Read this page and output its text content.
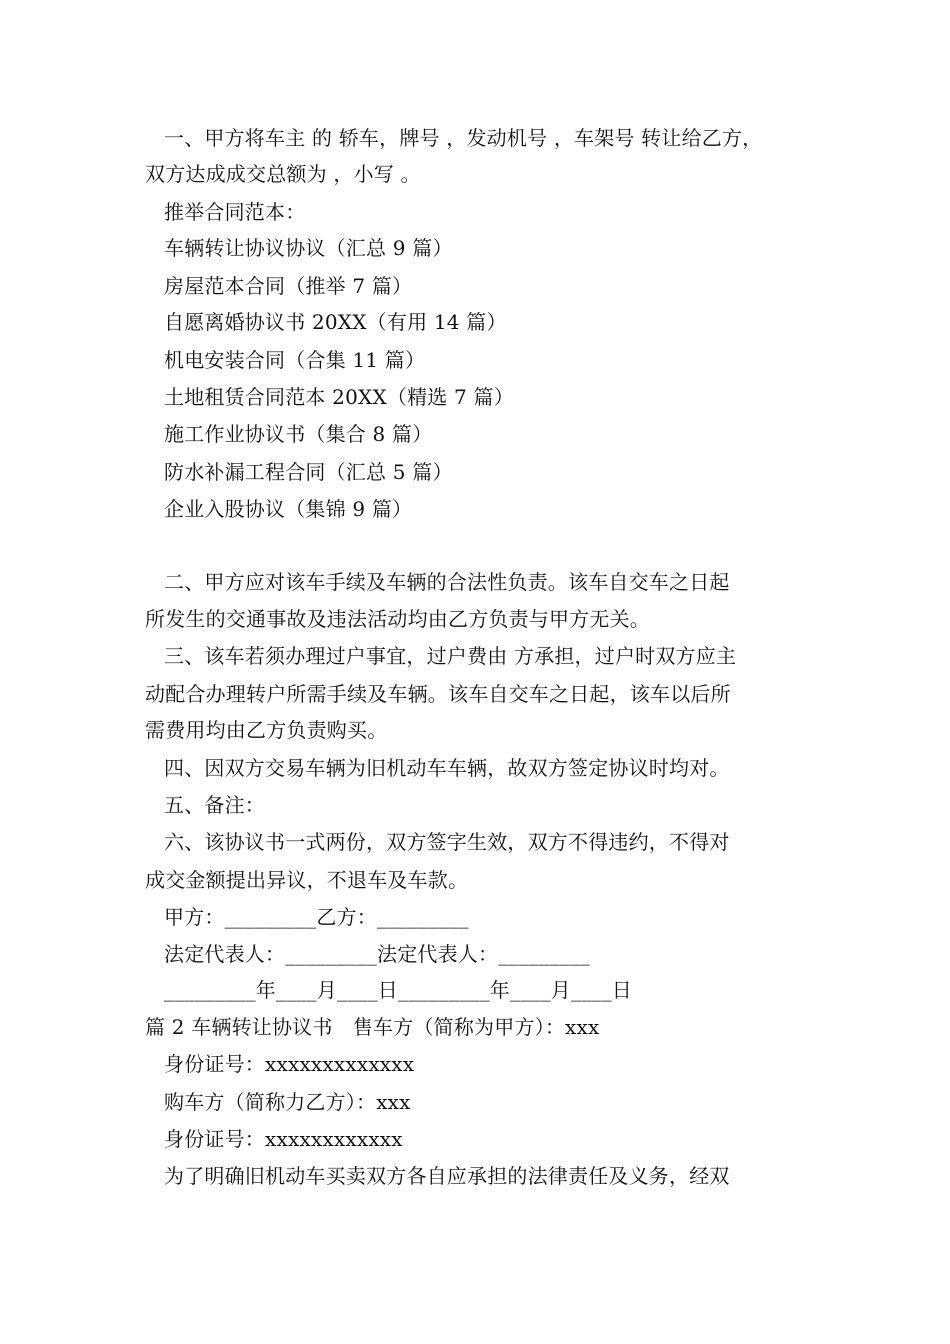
一、甲方将车主 的 轿车，牌号 ，发动机号 ，车架号 转让给乙方，
双方达成成交总额为 ，小写 。
推举合同范本：
车辆转让协议协议（汇总 9 篇）
房屋范本合同（推举 7 篇）
自愿离婚协议书 20XX（有用 14 篇）
机电安装合同（合集 11 篇）
土地租赁合同范本 20XX（精选 7 篇）
施工作业协议书（集合 8 篇）
防水补漏工程合同（汇总 5 篇）
企业入股协议（集锦 9 篇）
二、甲方应对该车手续及车辆的合法性负责。该车自交车之日起
所发生的交通事故及违法活动均由乙方负责与甲方无关。
三、该车若须办理过户事宜，过户费由 方承担，过户时双方应主
动配合办理转户所需手续及车辆。该车自交车之日起，该车以后所
需费用均由乙方负责购买。
四、因双方交易车辆为旧机动车车辆，故双方签定协议时均对。
五、备注：
六、该协议书一式两份，双方签字生效，双方不得违约，不得对
成交金额提出异议，不退车及车款。
甲方：_________乙方：_________
法定代表人：_________法定代表人：_________
_________年____月____日_________年____月____日
篇 2 车辆转让协议书　售车方（简称为甲方）：xxx
身份证号：xxxxxxxxxxxxx
购车方（简称力乙方）：xxx
身份证号：xxxxxxxxxxxx
为了明确旧机动车买卖双方各自应承担的法律责任及义务，经双
